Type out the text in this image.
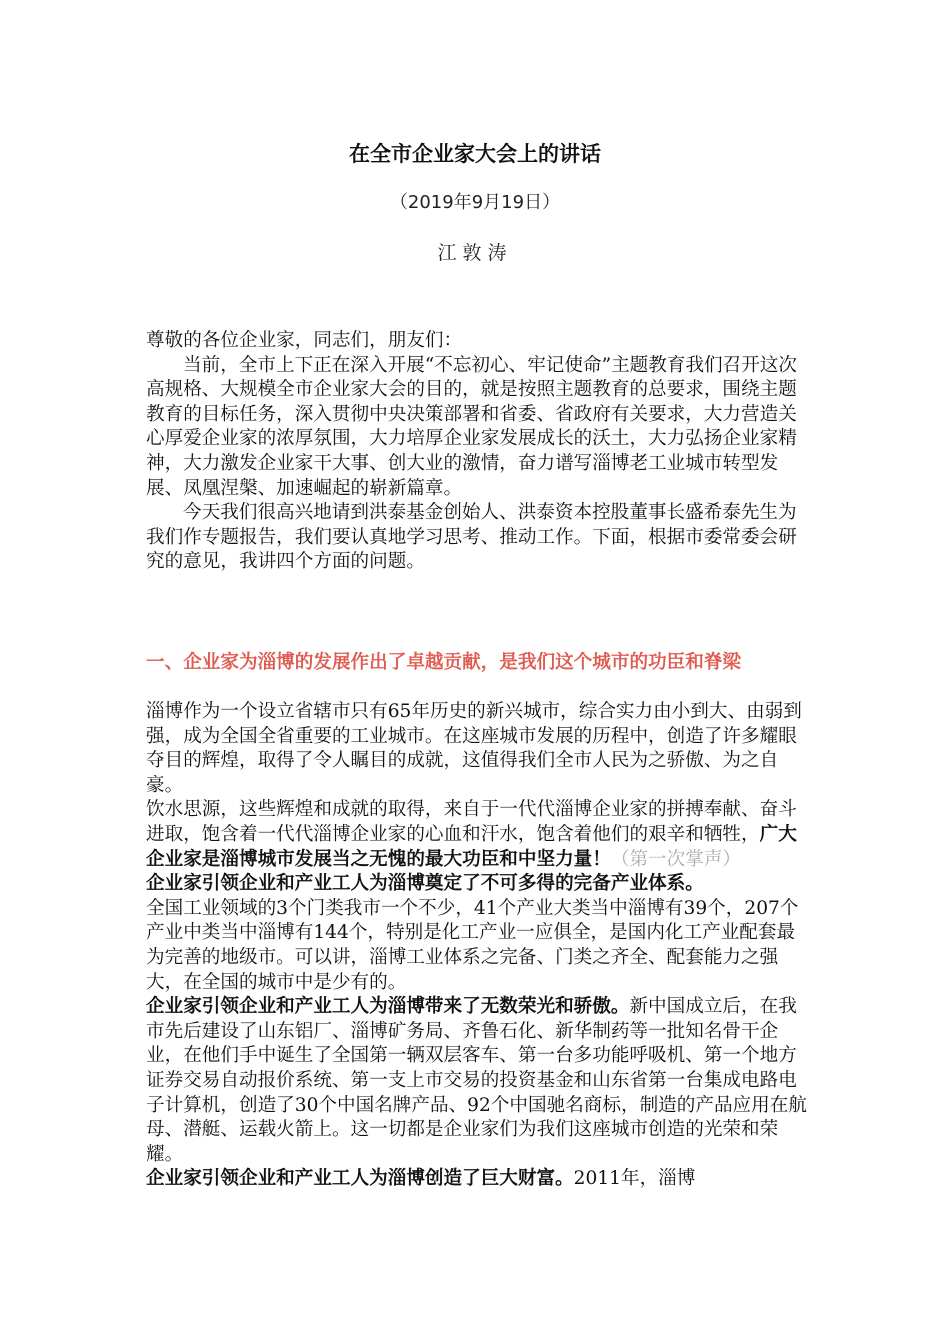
在全市企业家大会上的讲话
（2019年9月19日）
江敦涛

尊敬的各位企业家，同志们，朋友们：

当前，全市上下正在深入开展“不忘初心、牢记使命”主题教育我们召开这次高规格、大规模全市企业家大会的目的，就是按照主题教育的总要求，围绕主题教育的目标任务，深入贯彻中央决策部署和省委、省政府有关要求，大力营造关心厚爱企业家的浓厚氛围，大力培厚企业家发展成长的沃土，大力弘扬企业家精神，大力激发企业家干大事、创大业的激情，奋力谱写淄博老工业城市转型发展、凤凰涅槃、加速崛起的崭新篇章。

今天我们很高兴地请到洪泰基金创始人、洪泰资本控股董事长盛希泰先生为我们作专题报告，我们要认真地学习思考、推动工作。下面，根据市委常委会研究的意见，我讲四个方面的问题。

一、企业家为淄博的发展作出了卓越贡献，是我们这个城市的功臣和脊梁

淄博作为一个设立省辖市只有65年历史的新兴城市，综合实力由小到大、由弱到强，成为全国全省重要的工业城市。在这座城市发展的历程中，创造了许多耀眼夺目的辉煌，取得了令人瞩目的成就，这值得我们全市人民为之骄傲、为之自豪。

饮水思源，这些辉煌和成就的取得，来自于一代代淄博企业家的拼搏奉献、奋斗进取，饱含着一代代淄博企业家的心血和汗水，饱含着他们的艰辛和牺牲，广大企业家是淄博城市发展当之无愧的最大功臣和中坚力量！（第一次掌声）

企业家引领企业和产业工人为淄博奠定了不可多得的完备产业体系。

全国工业领域的3个门类我市一个不少，41个产业大类当中淄博有39个，207个产业中类当中淄博有144个，特别是化工产业一应俱全，是国内化工产业配套最为完善的地级市。可以讲，淄博工业体系之完备、门类之齐全、配套能力之强大，在全国的城市中是少有的。

企业家引领企业和产业工人为淄博带来了无数荣光和骄傲。新中国成立后，在我市先后建设了山东铝厂、淄博矿务局、齐鲁石化、新华制药等一批知名骨干企业，在他们手中诞生了全国第一辆双层客车、第一台多功能呼吸机、第一个地方证券交易自动报价系统、第一支上市交易的投资基金和山东省第一台集成电路电子计算机，创造了30个中国名牌产品、92个中国驰名商标，制造的产品应用在航母、潜艇、运载火箭上。这一切都是企业家们为我们这座城市创造的光荣和荣耀。

企业家引领企业和产业工人为淄博创造了巨大财富。2011年，淄博
